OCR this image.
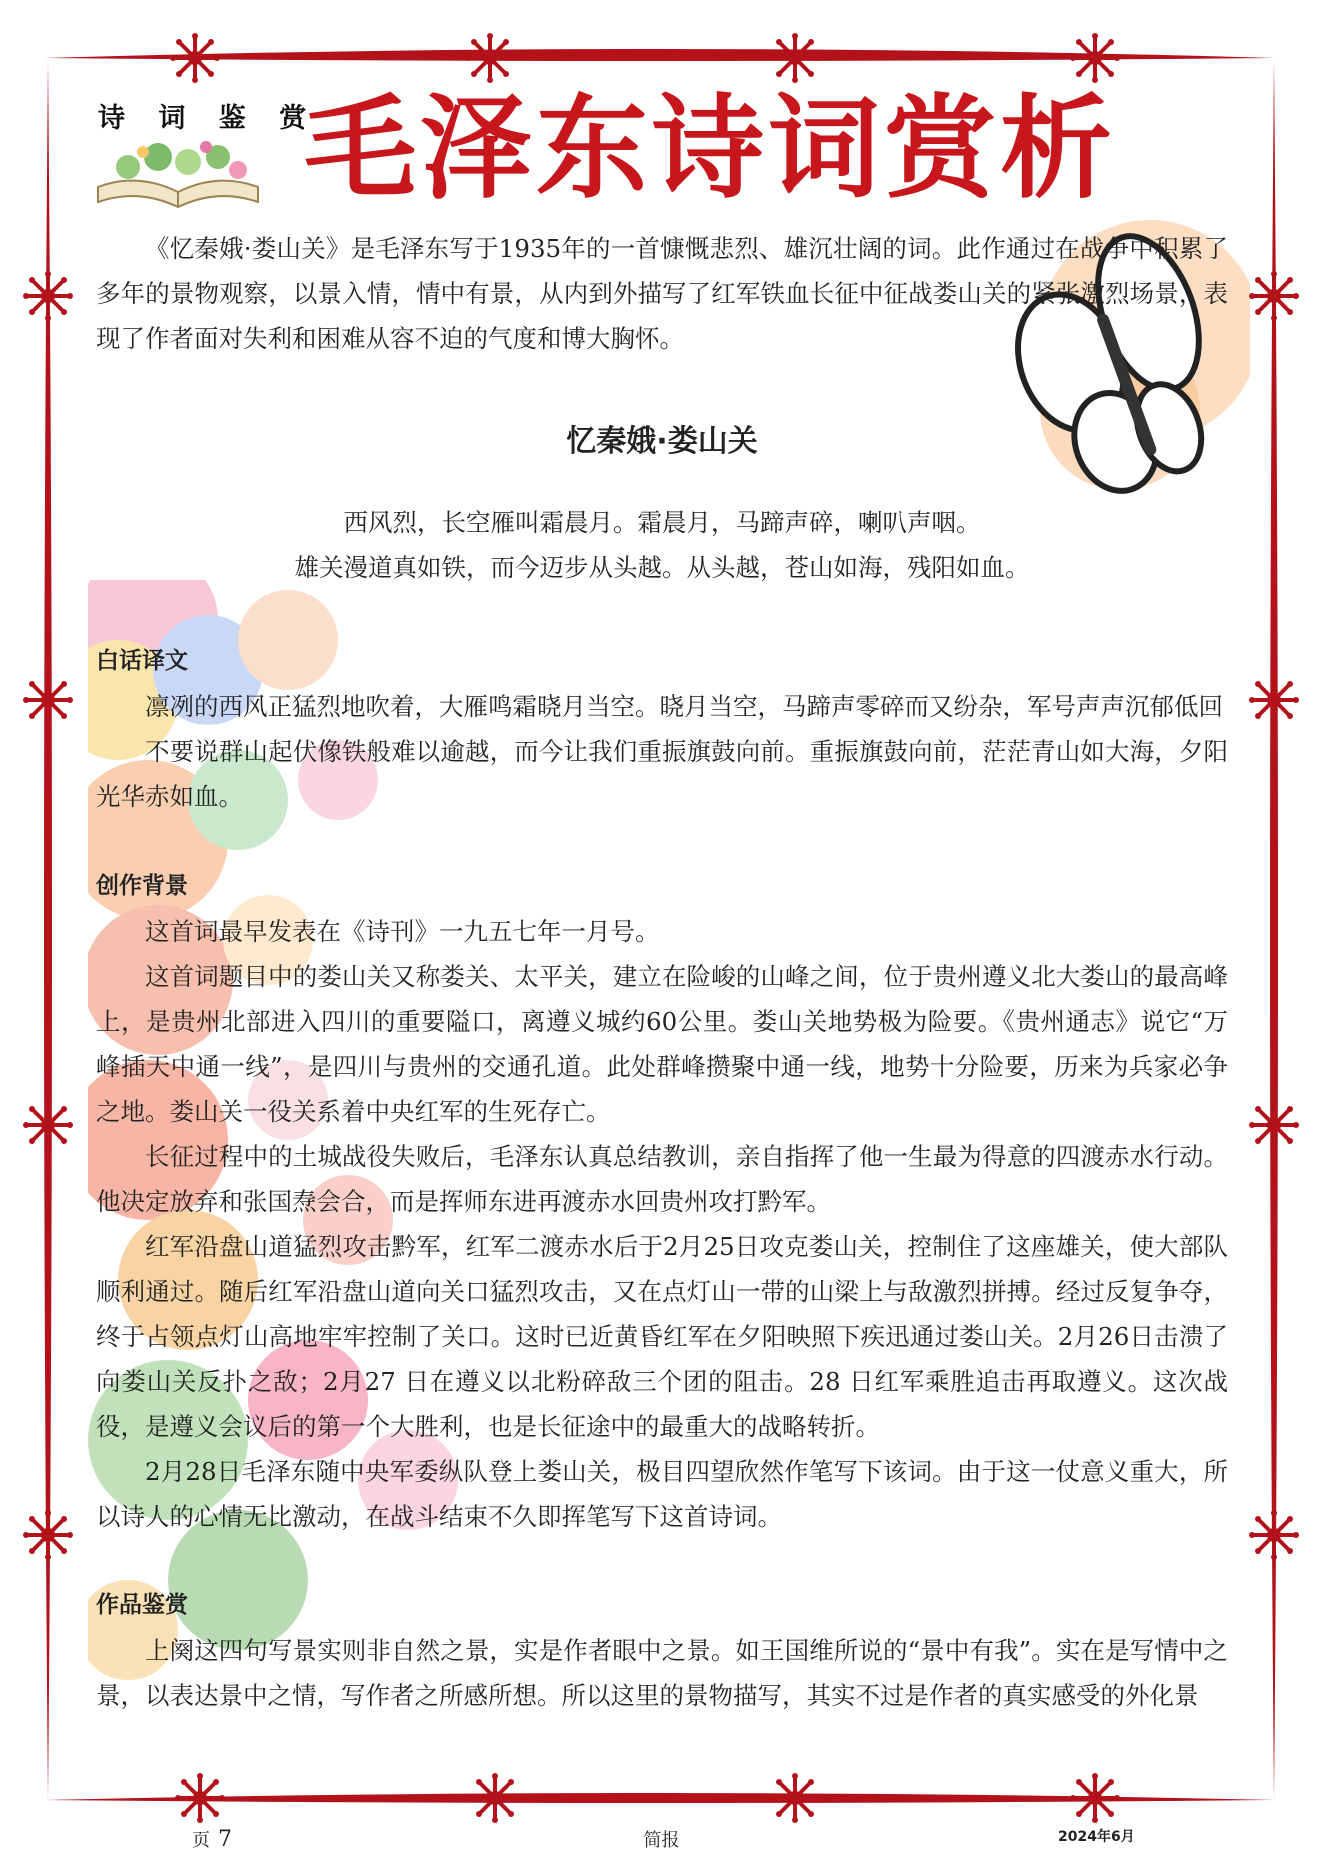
诗 词 鉴 赏
毛泽东诗词赏析

《忆秦娥·娄山关》是毛泽东写于1935年的一首慷慨悲烈、雄沉壮阔的词。此作通过在战争中积累了多年的景物观察，以景入情，情中有景，从内到外描写了红军铁血长征中征战娄山关的紧张激烈场景，表现了作者面对失利和困难从容不迫的气度和博大胸怀。

忆秦娥·娄山关
西风烈，长空雁叫霜晨月。霜晨月，马蹄声碎，喇叭声咽。
雄关漫道真如铁，而今迈步从头越。从头越，苍山如海，残阳如血。
白话译文

凛冽的西风正猛烈地吹着，大雁鸣霜晓月当空。晓月当空，马蹄声零碎而又纷杂，军号声声沉郁低回

不要说群山起伏像铁般难以逾越，而今让我们重振旗鼓向前。重振旗鼓向前，茫茫青山如大海，夕阳光华赤如血。

创作背景

这首词最早发表在《诗刊》一九五七年一月号。

这首词题目中的娄山关又称娄关、太平关，建立在险峻的山峰之间，位于贵州遵义北大娄山的最高峰上，是贵州北部进入四川的重要隘口，离遵义城约60公里。娄山关地势极为险要。《贵州通志》说它“万峰插天中通一线”，是四川与贵州的交通孔道。此处群峰攒聚中通一线，地势十分险要，历来为兵家必争之地。娄山关一役关系着中央红军的生死存亡。

长征过程中的土城战役失败后，毛泽东认真总结教训，亲自指挥了他一生最为得意的四渡赤水行动。他决定放弃和张国焘会合，而是挥师东进再渡赤水回贵州攻打黔军。

红军沿盘山道猛烈攻击黔军，红军二渡赤水后于2月25日攻克娄山关，控制住了这座雄关，使大部队顺利通过。随后红军沿盘山道向关口猛烈攻击，又在点灯山一带的山梁上与敌激烈拼搏。经过反复争夺，终于占领点灯山高地牢牢控制了关口。这时已近黄昏红军在夕阳映照下疾迅通过娄山关。2月26日击溃了向娄山关反扑之敌；2月27 日在遵义以北粉碎敌三个团的阻击。28 日红军乘胜追击再取遵义。这次战役，是遵义会议后的第一个大胜利，也是长征途中的最重大的战略转折。

2月28日毛泽东随中央军委纵队登上娄山关，极目四望欣然作笔写下该词。由于这一仗意义重大，所以诗人的心情无比激动，在战斗结束不久即挥笔写下这首诗词。

作品鉴赏

上阕这四句写景实则非自然之景，实是作者眼中之景。如王国维所说的“景中有我”。实在是写情中之景，以表达景中之情，写作者之所感所想。所以这里的景物描写，其实不过是作者的真实感受的外化景

页 7	简报	2024年6月
